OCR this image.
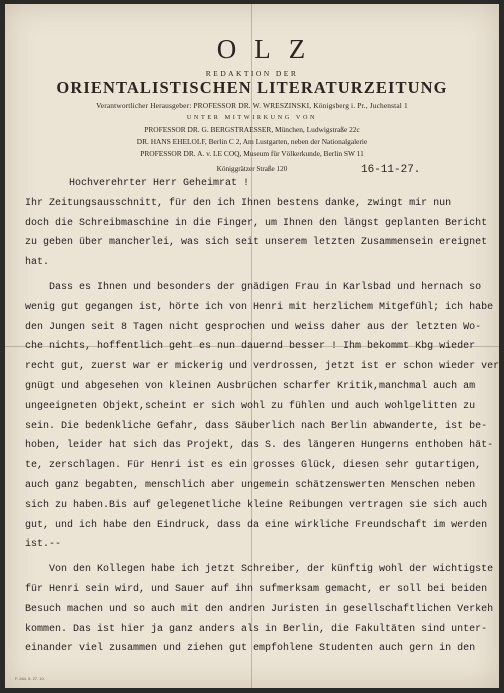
OLZ
REDAKTION DER
ORIENTALISTISCHEN LITERATURZEITUNG
Verantwortlicher Herausgeber: PROFESSOR DR. W. WRESZINSKI, Königsberg i. Pr., Juchenstal 1
UNTER MITWIRKUNG VON
PROFESSOR DR. G. BERGSTRAESSER, München, Ludwigstraße 22c
DR. HANS EHELOLF, Berlin C 2, Am Lustgarten, neben der Nationalgalerie
PROFESSOR DR. A. v. LE COQ, Museum für Völkerkunde, Berlin SW 11
Königgrätzer Straße 120	16-11-27.

Hochverehrter Herr Geheimrat !

Ihr Zeitungsausschnitt, für den ich Ihnen bestens danke, zwingt mir nun

doch die Schreibmaschine in die Finger, um Ihnen den längst geplanten Bericht

zu geben über mancherlei, was sich seit unserem letzten Zusammensein ereignet

hat.

Dass es Ihnen und besonders der gnädigen Frau in Karlsbad und hernach so

wenig gut gegangen ist, hörte ich von Henri mit herzlichem Mitgefühl; ich habe

den Jungen seit 8 Tagen nicht gesprochen und weiss daher aus der letzten Wo-

che nichts, hoffentlich geht es nun dauernd besser ! Ihm bekommt Kbg wieder

recht gut, zuerst war er mickerig und verdrossen, jetzt ist er schon wieder ver

gnügt und abgesehen von kleinen Ausbrüchen scharfer Kritik,manchmal auch am

ungeeigneten Objekt,scheint er sich wohl zu fühlen und auch wohlgelitten zu

sein. Die bedenkliche Gefahr, dass Säuberlich nach Berlin abwanderte, ist be-

hoben, leider hat sich das Projekt, das S. des längeren Hungerns enthoben hät-

te, zerschlagen. Für Henri ist es ein grosses Glück, diesen sehr gutartigen,

auch ganz begabten, menschlich aber ungemein schätzenswerten Menschen neben

sich zu haben.Bis auf gelegenetliche kleine Reibungen vertragen sie sich auch

gut, und ich habe den Eindruck, dass da eine wirkliche Freundschaft im werden

ist.--

Von den Kollegen habe ich jetzt Schreiber, der künftig wohl der wichtigste

für Henri sein wird, und Sauer auf ihn sufmerksam gemacht, er soll bei beiden

Besuch machen und so auch mit den andren Juristen in gesellschaftlichen Verkeh

kommen. Das ist hier ja ganz anders als in Berlin, die Fakultäten sind unter-

einander viel zusammen und ziehen gut empfohlene Studenten auch gern in den

F. 264. 5. 27. 10.
